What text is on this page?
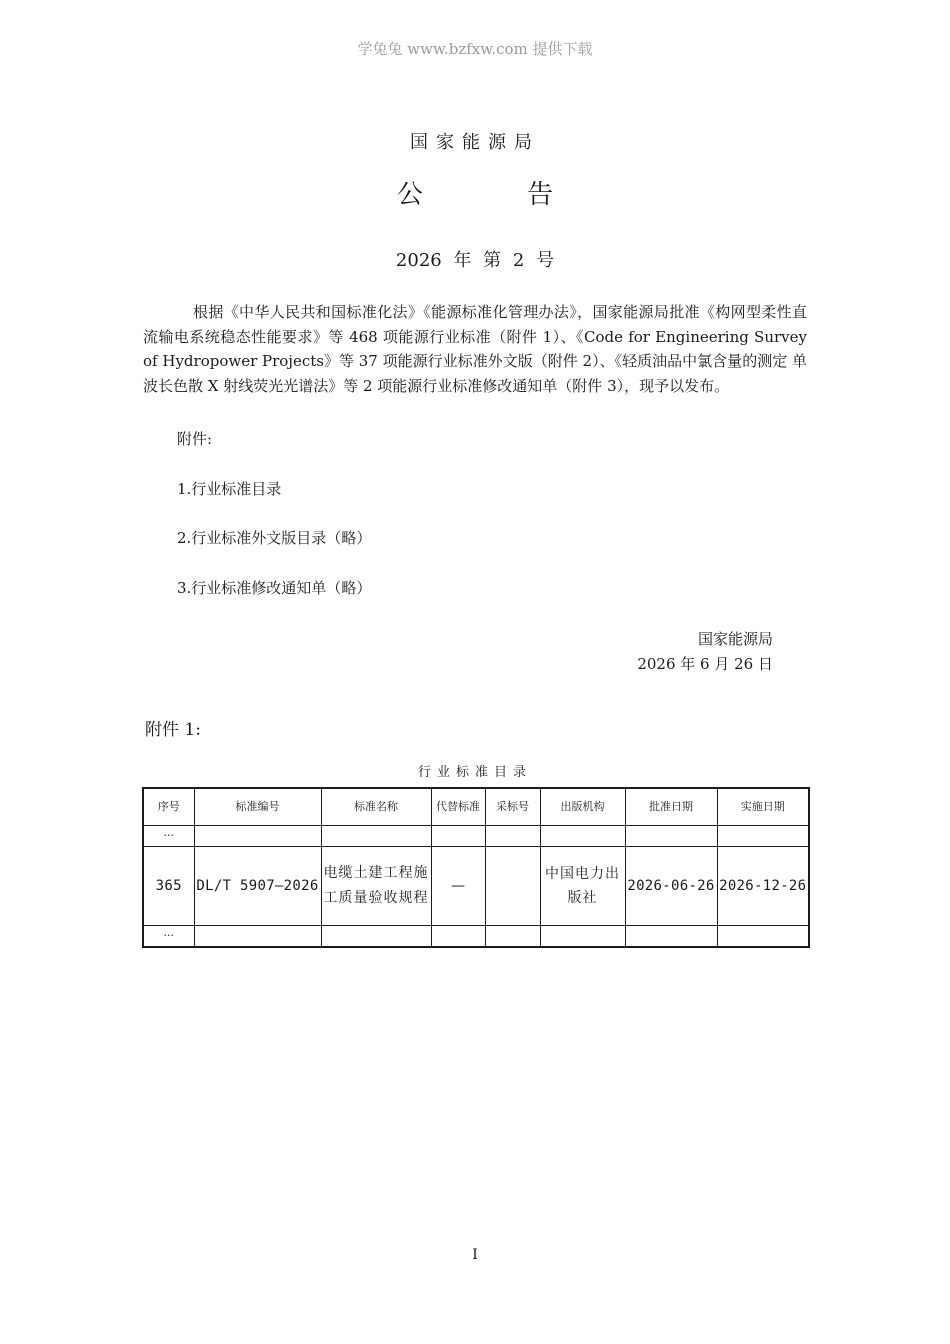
学兔兔 www.bzfxw.com 提供下载
国家能源局
公 告
2026 年 第 2 号
根据《中华人民共和国标准化法》《能源标准化管理办法》，国家能源局批准《构网型柔性直流输电系统稳态性能要求》等 468 项能源行业标准（附件 1）、《Code for Engineering Survey of Hydropower Projects》等 37 项能源行业标准外文版（附件 2）、《轻质油品中氯含量的测定 单波长色散 X 射线荧光光谱法》等 2 项能源行业标准修改通知单（附件 3），现予以发布。
附件:
1.行业标准目录
2.行业标准外文版目录（略）
3.行业标准修改通知单（略）
国家能源局
2026 年 6 月 26 日
附件 1:
行业标准目录
序号	标准编号	标准名称	代替标准	采标号	出版机构	批准日期	实施日期
···							
365	DL/T 5907—2026	电缆土建工程施工质量验收规程	—		中国电力出版社	2026-06-26	2026-12-26
···							
I
